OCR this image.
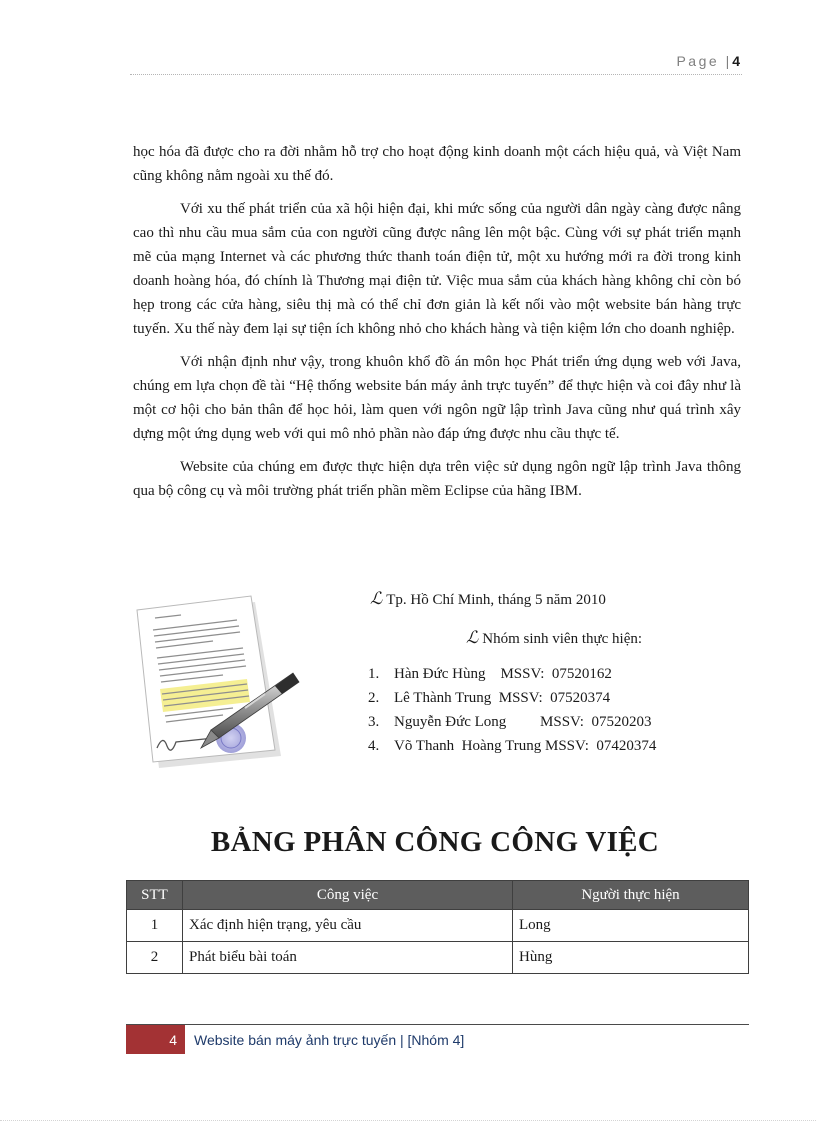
Page | 4

học hóa đã được cho ra đời nhằm hỗ trợ cho hoạt động kinh doanh một cách hiệu quả, và Việt Nam cũng không nằm ngoài xu thế đó.

Với xu thế phát triển của xã hội hiện đại, khi mức sống của người dân ngày càng được nâng cao thì nhu cầu mua sắm của con người cũng được nâng lên một bậc. Cùng với sự phát triển mạnh mẽ của mạng Internet và các phương thức thanh toán điện tử, một xu hướng mới ra đời trong kinh doanh hoàng hóa, đó chính là Thương mại điện tử. Việc mua sắm của khách hàng không chỉ còn bó hẹp trong các cửa hàng, siêu thị mà có thể chỉ đơn giản là kết nối vào một website bán hàng trực tuyến. Xu thế này đem lại sự tiện ích không nhỏ cho khách hàng và tiện kiệm lớn cho doanh nghiệp.

Với nhận định như vậy, trong khuôn khổ đồ án môn học Phát triển ứng dụng web với Java, chúng em lựa chọn đề tài “Hệ thống website bán máy ảnh trực tuyến” để thực hiện và coi đây như là một cơ hội cho bản thân để học hỏi, làm quen với ngôn ngữ lập trình Java cũng như quá trình xây dựng một ứng dụng web với qui mô nhỏ phần nào đáp ứng được nhu cầu thực tế.

Website của chúng em được thực hiện dựa trên việc sử dụng ngôn ngữ lập trình Java thông qua bộ công cụ và môi trường phát triển phần mềm Eclipse của hãng IBM.

ℒ Tp. Hồ Chí Minh, tháng 5 năm 2010
ℒ Nhóm sinh viên thực hiện:
1. Hàn Đức Hùng MSSV:  07520162
2. Lê Thành Trung MSSV:  07520374
3. Nguyễn Đức Long MSSV:  07520203
4. Võ Thanh  Hoàng Trung MSSV:  07420374
BẢNG PHÂN CÔNG CÔNG VIỆC
STT	Công việc	Người thực hiện
1	Xác định hiện trạng, yêu cầu	Long
2	Phát biểu bài toán	Hùng
4	Website bán máy ảnh trực tuyến | [Nhóm 4]
